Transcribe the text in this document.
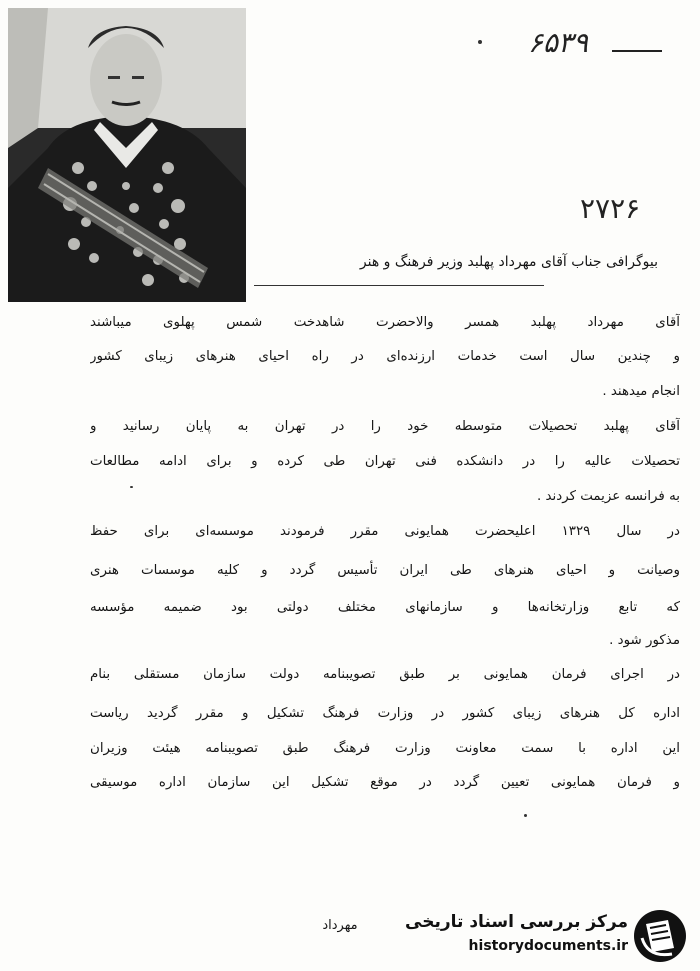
۶۵۳۹
۲۷۲۶
بیوگرافی جناب آقای مهرداد پهلبد وزیر فرهنگ و هنر
آقای مهرداد پهلبد همسر والاحضرت شاهدخت شمس پهلوی میباشند
و چندین سال است خدمات ارزنده‌ای در راه احیای هنرهای زیبای کشور
انجام میدهند .
آقای پهلبد تحصیلات متوسطه خود را در تهران به پایان رسانید و
تحصیلات عالیه را در دانشکده فنی تهران طی کرده و برای ادامه مطالعات
به فرانسه عزیمت کردند .
در سال ۱۳۲۹ اعلیحضرت همایونی مقرر فرمودند موسسه‌ای برای حفظ
وصیانت و احیای هنرهای طی ایران تأسیس گردد و کلیه موسسات هنری
که تابع وزارتخانه‌ها و سازمانهای مختلف دولتی بود ضمیمه مؤسسه
مذکور شود .
در اجرای فرمان همایونی بر طبق تصویبنامه دولت سازمان مستقلی بنام
اداره کل هنرهای زیبای کشور در وزارت فرهنگ تشکیل و مقرر گردید ریاست
این اداره با سمت معاونت وزارت فرهنگ طبق تصویبنامه هیئت وزیران
و فرمان همایونی تعیین گردد در موقع تشکیل این سازمان اداره موسیقی
مهرداد	مرکز بررسی اسناد تاریخی
historydocuments.ir
